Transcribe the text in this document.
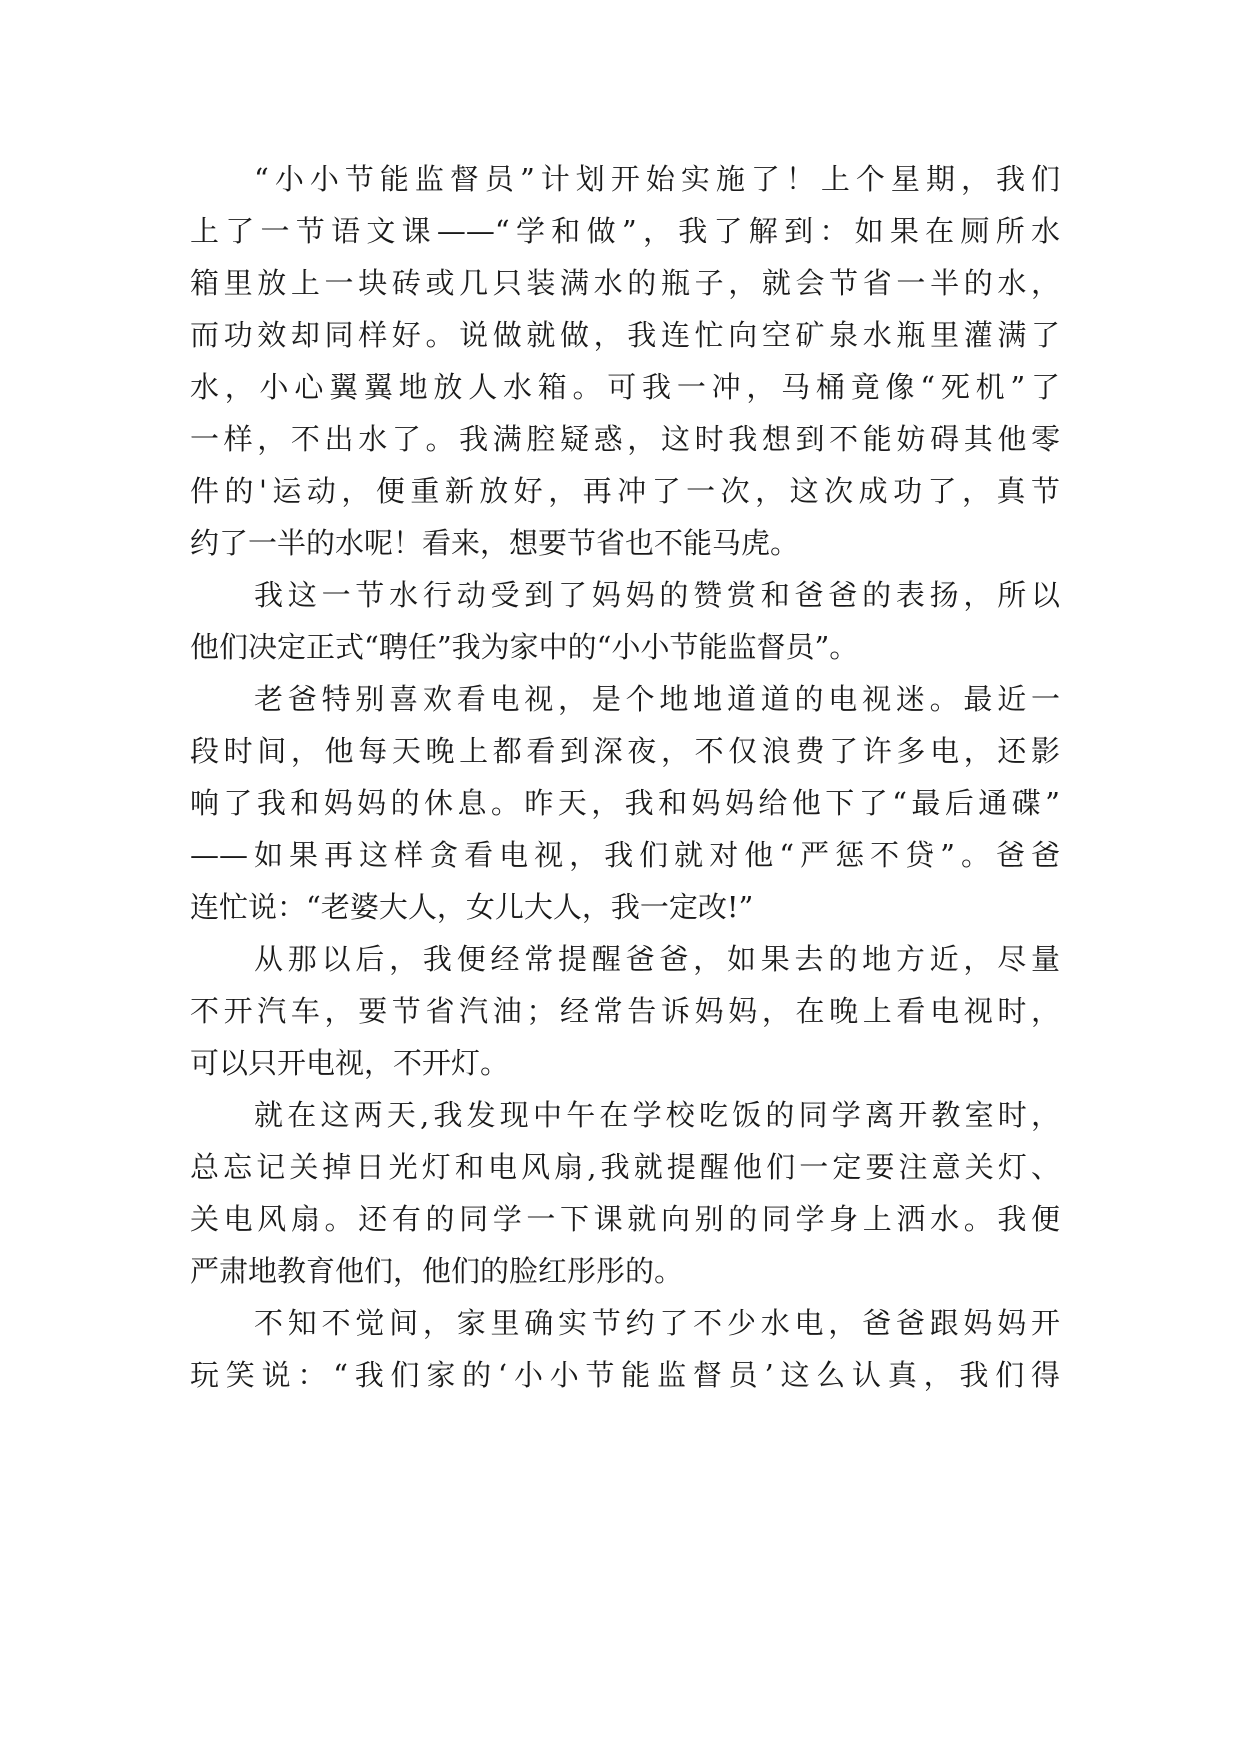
“小小节能监督员”计划开始实施了！上个星期，我们
上了一节语文课——“学和做”，我了解到：如果在厕所水
箱里放上一块砖或几只装满水的瓶子，就会节省一半的水，
而功效却同样好。说做就做，我连忙向空矿泉水瓶里灌满了
水，小心翼翼地放人水箱。可我一冲，马桶竟像“死机”了
一样，不出水了。我满腔疑惑，这时我想到不能妨碍其他零
件的'运动，便重新放好，再冲了一次，这次成功了，真节
约了一半的水呢！看来，想要节省也不能马虎。
我这一节水行动受到了妈妈的赞赏和爸爸的表扬，所以
他们决定正式“聘任”我为家中的“小小节能监督员”。
老爸特别喜欢看电视，是个地地道道的电视迷。最近一
段时间，他每天晚上都看到深夜，不仅浪费了许多电，还影
响了我和妈妈的休息。昨天，我和妈妈给他下了“最后通碟”
——如果再这样贪看电视，我们就对他“严惩不贷”。爸爸
连忙说：“老婆大人，女儿大人，我一定改!”
从那以后，我便经常提醒爸爸，如果去的地方近，尽量
不开汽车，要节省汽油；经常告诉妈妈，在晚上看电视时，
可以只开电视，不开灯。
就在这两天,我发现中午在学校吃饭的同学离开教室时，
总忘记关掉日光灯和电风扇,我就提醒他们一定要注意关灯、
关电风扇。还有的同学一下课就向别的同学身上洒水。我便
严肃地教育他们，他们的脸红彤彤的。
不知不觉间，家里确实节约了不少水电，爸爸跟妈妈开
玩笑说：“我们家的‘小小节能监督员’这么认真，我们得
